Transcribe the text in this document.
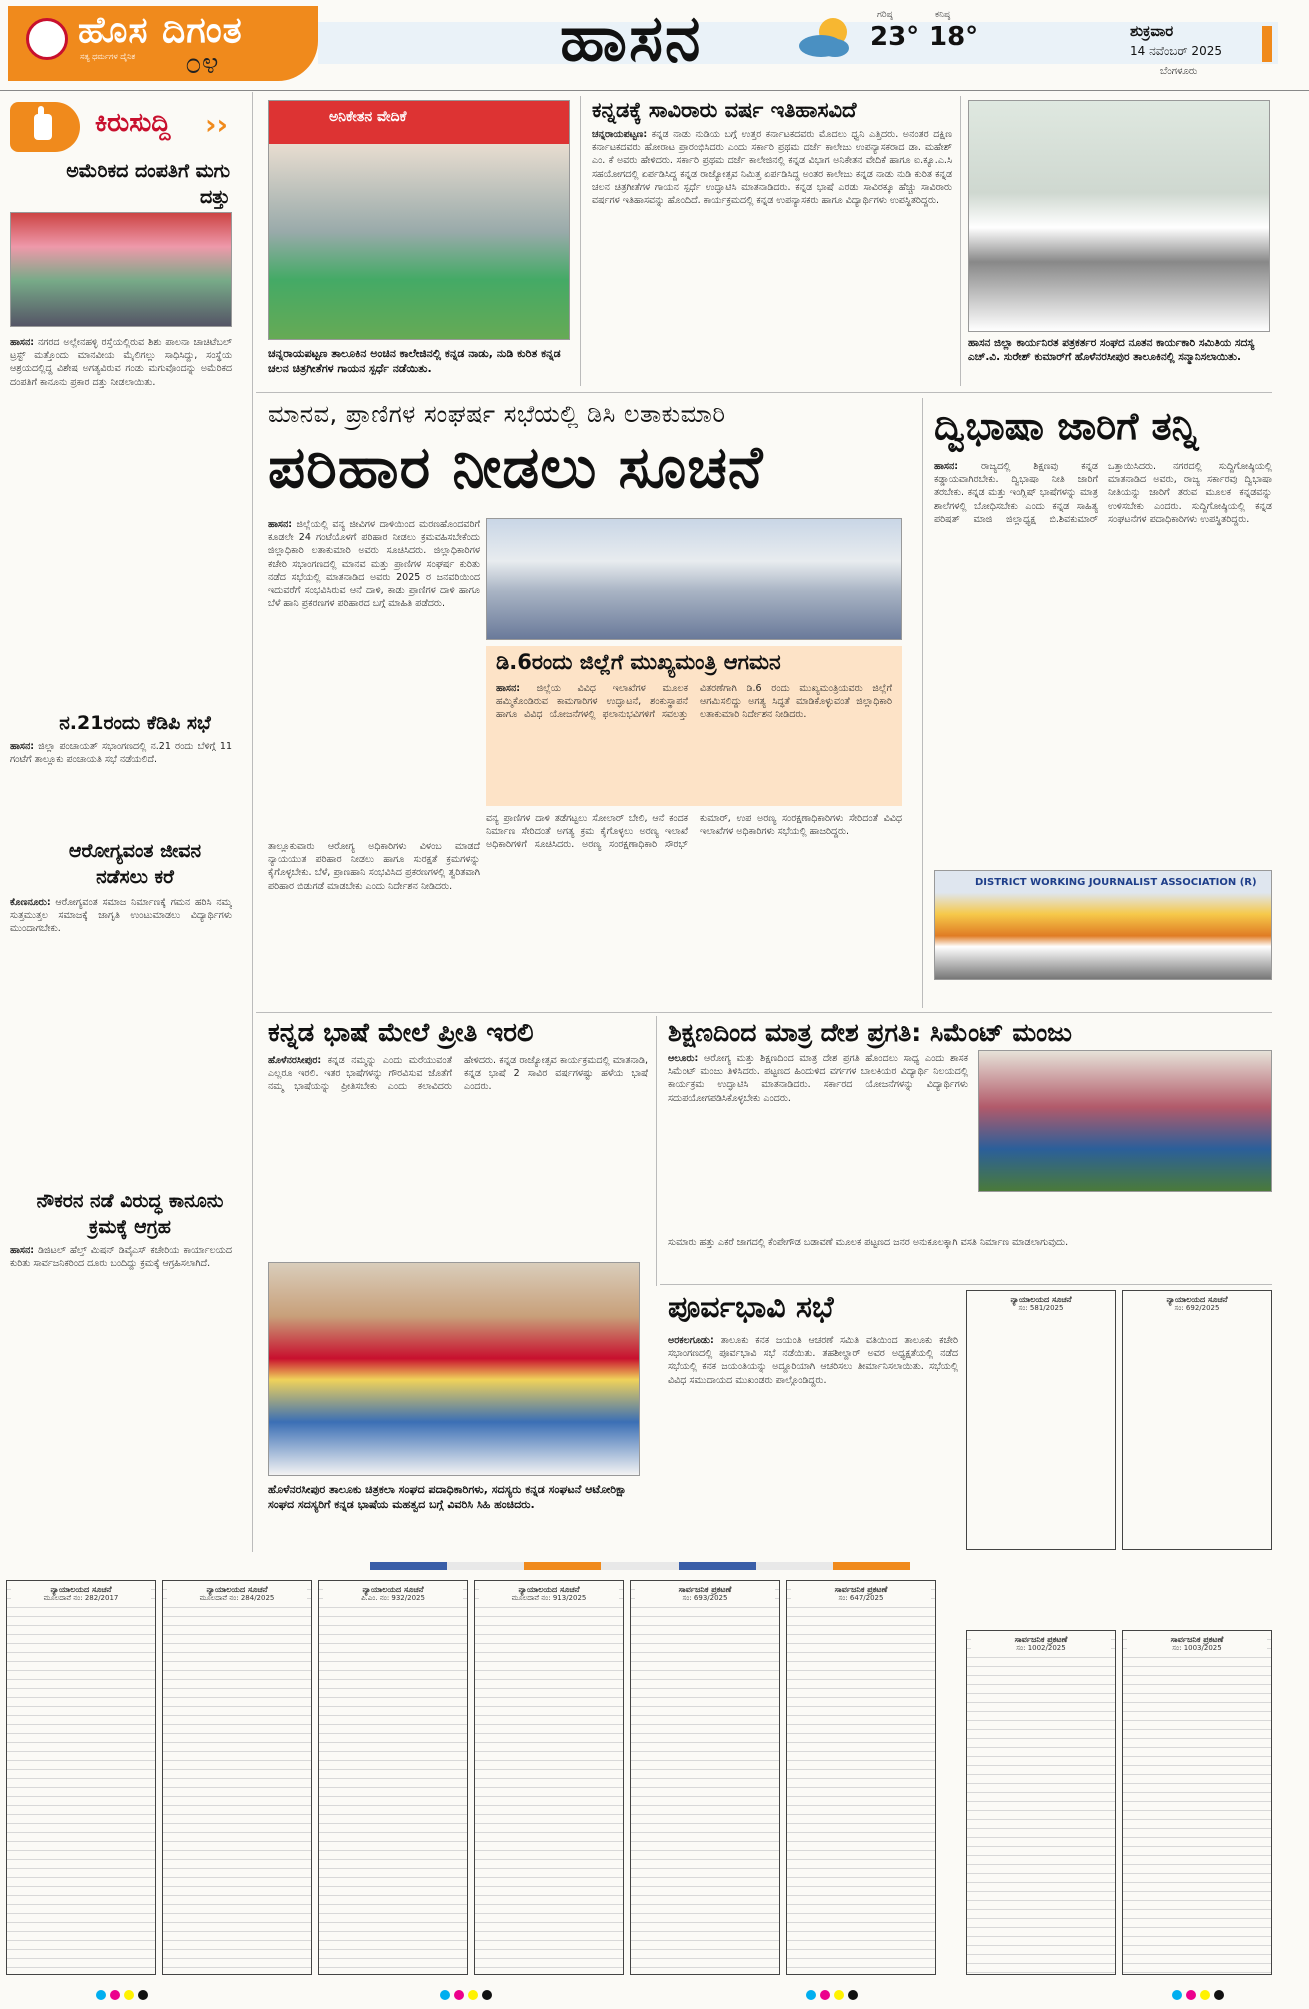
ಹೊಸ ದಿಗಂತ
ಸತ್ಯ ಧರ್ಮಗಳ ದೈನಿಕ ೦೪	ಹಾಸನ	ಗರಿಷ್ಠ
23°
ಕನಿಷ್ಠ
18°	ಶುಕ್ರವಾರ
14 ನವೆಂಬರ್ 2025
ಬೆಂಗಳೂರು
ಕಿರುಸುದ್ದಿ ››
ಅಮೆರಿಕದ ದಂಪತಿಗೆ ಮಗು ದತ್ತು
ಹಾಸನ: ನಗರದ ಅಲ್ಲೇನಹಳ್ಳಿ ರಸ್ತೆಯಲ್ಲಿರುವ ಶಿಶು ಪಾಲನಾ ಚಾಚಿಟೆಬಲ್ ಟ್ರಸ್ಟ್ ಮತ್ತೊಂದು ಮಾನವೀಯ ಮೈಲಿಗಲ್ಲು ಸಾಧಿಸಿದ್ದು, ಸಂಸ್ಥೆಯ ಆಶ್ರಯದಲ್ಲಿದ್ದ ವಿಶೇಷ ಅಗತ್ಯವಿರುವ ಗಂಡು ಮಗುವೊಂದನ್ನು ಅಮೆರಿಕದ ದಂಪತಿಗೆ ಕಾನೂನು ಪ್ರಕಾರ ದತ್ತು ನೀಡಲಾಯಿತು.
ನ.21ರಂದು ಕೆಡಿಪಿ ಸಭೆ
ಹಾಸನ: ಜಿಲ್ಲಾ ಪಂಚಾಯತ್ ಸಭಾಂಗಣದಲ್ಲಿ ನ.21 ರಂದು ಬೆಳಿಗ್ಗೆ 11 ಗಂಟೆಗೆ ತಾಲ್ಲೂಕು ಪಂಚಾಯತಿ ಸಭೆ ನಡೆಯಲಿದೆ.
ಆರೋಗ್ಯವಂತ ಜೀವನ ನಡೆಸಲು ಕರೆ
ಕೊಣನೂರು: ಆರೋಗ್ಯವಂತ ಸಮಾಜ ನಿರ್ಮಾಣಕ್ಕೆ ಗಮನ ಹರಿಸಿ ನಮ್ಮ ಸುತ್ತಮುತ್ತಲ ಸಮಾಜಕ್ಕೆ ಜಾಗೃತಿ ಉಂಟುಮಾಡಲು ವಿದ್ಯಾರ್ಥಿಗಳು ಮುಂದಾಗಬೇಕು.
ನೌಕರನ ನಡೆ ವಿರುದ್ಧ ಕಾನೂನು ಕ್ರಮಕ್ಕೆ ಆಗ್ರಹ
ಹಾಸನ: ಡಿಜಿಟಲ್ ಹೆಲ್ತ್ ಮಿಷನ್ ಡಿವೈಎಸ್ ಕಚೇರಿಯ ಕಾರ್ಯಾಲಯದ ಕುರಿತು ಸಾರ್ವಜನಿಕರಿಂದ ದೂರು ಬಂದಿದ್ದು ಕ್ರಮಕ್ಕೆ ಆಗ್ರಹಿಸಲಾಗಿದೆ.
ಅನಿಕೇತನ ವೇದಿಕೆ
ಚನ್ನರಾಯಪಟ್ಟಣ ತಾಲೂಕಿನ ಅಂಚಿನ ಕಾಲೇಜಿನಲ್ಲಿ ಕನ್ನಡ ನಾಡು, ನುಡಿ ಕುರಿತ ಕನ್ನಡ ಚಲನ ಚಿತ್ರಗೀತೆಗಳ ಗಾಯನ ಸ್ಪರ್ಧೆ ನಡೆಯಿತು.
ಕನ್ನಡಕ್ಕೆ ಸಾವಿರಾರು ವರ್ಷ ಇತಿಹಾಸವಿದೆ
ಚನ್ನರಾಯಪಟ್ಟಣ: ಕನ್ನಡ ನಾಡು ನುಡಿಯ ಬಗ್ಗೆ ಉತ್ತರ ಕರ್ನಾಟಕದವರು ಮೊದಲು ಧ್ವನಿ ಎತ್ತಿದರು. ಅನಂತರ ದಕ್ಷಿಣ ಕರ್ನಾಟಕದವರು ಹೋರಾಟ ಪ್ರಾರಂಭಿಸಿದರು ಎಂದು ಸರ್ಕಾರಿ ಪ್ರಥಮ ದರ್ಜೆ ಕಾಲೇಜು ಉಪನ್ಯಾಸಕರಾದ ಡಾ. ಮಹೇಶ್ ಎಂ. ಕೆ ಅವರು ಹೇಳಿದರು. ಸರ್ಕಾರಿ ಪ್ರಥಮ ದರ್ಜೆ ಕಾಲೇಜಿನಲ್ಲಿ ಕನ್ನಡ ವಿಭಾಗ ಅನಿಕೇತನ ವೇದಿಕೆ ಹಾಗೂ ಐ.ಕ್ಯೂ.ಎ.ಸಿ ಸಹಯೋಗದಲ್ಲಿ ಏರ್ಪಡಿಸಿದ್ದ ಕನ್ನಡ ರಾಜ್ಯೋತ್ಸವ ನಿಮಿತ್ತ ಏರ್ಪಡಿಸಿದ್ದ ಅಂತರ ಕಾಲೇಜು ಕನ್ನಡ ನಾಡು ನುಡಿ ಕುರಿತ ಕನ್ನಡ ಚಲನ ಚಿತ್ರಗೀತೆಗಳ ಗಾಯನ ಸ್ಪರ್ಧೆ ಉದ್ಘಾಟಿಸಿ ಮಾತನಾಡಿದರು. ಕನ್ನಡ ಭಾಷೆ ಎರಡು ಸಾವಿರಕ್ಕೂ ಹೆಚ್ಚು ಸಾವಿರಾರು ವರ್ಷಗಳ ಇತಿಹಾಸವನ್ನು ಹೊಂದಿದೆ. ಕಾರ್ಯಕ್ರಮದಲ್ಲಿ ಕನ್ನಡ ಉಪನ್ಯಾಸಕರು ಹಾಗೂ ವಿದ್ಯಾರ್ಥಿಗಳು ಉಪಸ್ಥಿತರಿದ್ದರು.
ಹಾಸನ ಜಿಲ್ಲಾ ಕಾರ್ಯನಿರತ ಪತ್ರಕರ್ತರ ಸಂಘದ ನೂತನ ಕಾರ್ಯಕಾರಿ ಸಮಿತಿಯ ಸದಸ್ಯ ಎಚ್.ವಿ. ಸುರೇಶ್ ಕುಮಾರ್‌ಗೆ ಹೊಳೆನರಸೀಪುರ ತಾಲೂಕಿನಲ್ಲಿ ಸನ್ಮಾನಿಸಲಾಯಿತು.
ಮಾನವ, ಪ್ರಾಣಿಗಳ ಸಂಘರ್ಷ ಸಭೆಯಲ್ಲಿ ಡಿಸಿ ಲತಾಕುಮಾರಿ
ಪರಿಹಾರ ನೀಡಲು ಸೂಚನೆ
ಹಾಸನ: ಜಿಲ್ಲೆಯಲ್ಲಿ ವನ್ಯ ಜೀವಿಗಳ ದಾಳಿಯಿಂದ ಮರಣಹೊಂದವರಿಗೆ ಕೂಡಲೇ 24 ಗಂಟೆಯೊಳಗೆ ಪರಿಹಾರ ನೀಡಲು ಕ್ರಮವಹಿಸಬೇಕೆಂದು ಜಿಲ್ಲಾಧಿಕಾರಿ ಲತಾಕುಮಾರಿ ಅವರು ಸೂಚಿಸಿದರು. ಜಿಲ್ಲಾಧಿಕಾರಿಗಳ ಕಚೇರಿ ಸಭಾಂಗಣದಲ್ಲಿ ಮಾನವ ಮತ್ತು ಪ್ರಾಣಿಗಳ ಸಂಘರ್ಷ ಕುರಿತು ನಡೆದ ಸಭೆಯಲ್ಲಿ ಮಾತನಾಡಿದ ಅವರು 2025 ರ ಜನವರಿಯಿಂದ ಇದುವರೆಗೆ ಸಂಭವಿಸಿರುವ ಆನೆ ದಾಳಿ, ಕಾಡು ಪ್ರಾಣಿಗಳ ದಾಳಿ ಹಾಗೂ ಬೆಳೆ ಹಾನಿ ಪ್ರಕರಣಗಳ ಪರಿಹಾರದ ಬಗ್ಗೆ ಮಾಹಿತಿ ಪಡೆದರು.
ತಾಲ್ಲೂಕುವಾರು ಆರೋಗ್ಯ ಅಧಿಕಾರಿಗಳು ವಿಳಂಬ ಮಾಡದೆ ನ್ಯಾಯಯುತ ಪರಿಹಾರ ನೀಡಲು ಹಾಗೂ ಸುರಕ್ಷತೆ ಕ್ರಮಗಳನ್ನು ಕೈಗೊಳ್ಳಬೇಕು. ಬೆಳೆ, ಪ್ರಾಣಹಾನಿ ಸಂಭವಿಸಿದ ಪ್ರಕರಣಗಳಲ್ಲಿ ತ್ವರಿತವಾಗಿ ಪರಿಹಾರ ಬಿಡುಗಡೆ ಮಾಡಬೇಕು ಎಂದು ನಿರ್ದೇಶನ ನೀಡಿದರು.
ಡಿ.6ರಂದು ಜಿಲ್ಲೆಗೆ ಮುಖ್ಯಮಂತ್ರಿ ಆಗಮನ
ಹಾಸನ: ಜಿಲ್ಲೆಯ ವಿವಿಧ ಇಲಾಖೆಗಳ ಮೂಲಕ ಹಮ್ಮಿಕೊಂಡಿರುವ ಕಾಮಗಾರಿಗಳ ಉದ್ಘಾಟನೆ, ಶಂಕುಸ್ಥಾಪನೆ ಹಾಗೂ ವಿವಿಧ ಯೋಜನೆಗಳಲ್ಲಿ ಫಲಾನುಭವಿಗಳಿಗೆ ಸವಲತ್ತು ವಿತರಣೆಗಾಗಿ ಡಿ.6 ರಂದು ಮುಖ್ಯಮಂತ್ರಿಯವರು ಜಿಲ್ಲೆಗೆ ಆಗಮಿಸಲಿದ್ದು ಅಗತ್ಯ ಸಿದ್ಧತೆ ಮಾಡಿಕೊಳ್ಳುವಂತೆ ಜಿಲ್ಲಾಧಿಕಾರಿ ಲತಾಕುಮಾರಿ ನಿರ್ದೇಶನ ನೀಡಿದರು.
ವನ್ಯ ಪ್ರಾಣಿಗಳ ದಾಳಿ ತಡೆಗಟ್ಟಲು ಸೋಲಾರ್ ಬೇಲಿ, ಆನೆ ಕಂದಕ ನಿರ್ಮಾಣ ಸೇರಿದಂತೆ ಅಗತ್ಯ ಕ್ರಮ ಕೈಗೊಳ್ಳಲು ಅರಣ್ಯ ಇಲಾಖೆ ಅಧಿಕಾರಿಗಳಿಗೆ ಸೂಚಿಸಿದರು. ಅರಣ್ಯ ಸಂರಕ್ಷಣಾಧಿಕಾರಿ ಸೌರಭ್ ಕುಮಾರ್, ಉಪ ಅರಣ್ಯ ಸಂರಕ್ಷಣಾಧಿಕಾರಿಗಳು ಸೇರಿದಂತೆ ವಿವಿಧ ಇಲಾಖೆಗಳ ಅಧಿಕಾರಿಗಳು ಸಭೆಯಲ್ಲಿ ಹಾಜರಿದ್ದರು.
ದ್ವಿಭಾಷಾ ಜಾರಿಗೆ ತನ್ನಿ
ಹಾಸನ: ರಾಜ್ಯದಲ್ಲಿ ಶಿಕ್ಷಣವು ಕನ್ನಡ ಕಡ್ಡಾಯವಾಗಿರಬೇಕು. ದ್ವಿಭಾಷಾ ನೀತಿ ಜಾರಿಗೆ ತರಬೇಕು. ಕನ್ನಡ ಮತ್ತು ಇಂಗ್ಲಿಷ್ ಭಾಷೆಗಳನ್ನು ಮಾತ್ರ ಶಾಲೆಗಳಲ್ಲಿ ಬೋಧಿಸಬೇಕು ಎಂದು ಕನ್ನಡ ಸಾಹಿತ್ಯ ಪರಿಷತ್ ಮಾಜಿ ಜಿಲ್ಲಾಧ್ಯಕ್ಷ ಬಿ.ಶಿವಕುಮಾರ್ ಒತ್ತಾಯಿಸಿದರು. ನಗರದಲ್ಲಿ ಸುದ್ದಿಗೋಷ್ಠಿಯಲ್ಲಿ ಮಾತನಾಡಿದ ಅವರು, ರಾಜ್ಯ ಸರ್ಕಾರವು ದ್ವಿಭಾಷಾ ನೀತಿಯನ್ನು ಜಾರಿಗೆ ತರುವ ಮೂಲಕ ಕನ್ನಡವನ್ನು ಉಳಿಸಬೇಕು ಎಂದರು. ಸುದ್ದಿಗೋಷ್ಠಿಯಲ್ಲಿ ಕನ್ನಡ ಸಂಘಟನೆಗಳ ಪದಾಧಿಕಾರಿಗಳು ಉಪಸ್ಥಿತರಿದ್ದರು.
DISTRICT WORKING JOURNALIST ASSOCIATION (R)
ಕನ್ನಡ ಭಾಷೆ ಮೇಲೆ ಪ್ರೀತಿ ಇರಲಿ
ಹೊಳೆನರಸೀಪುರ: ಕನ್ನಡ ನಮ್ಮನ್ನು ಎಂದು ಮರೆಯುವಂತೆ ಎಲ್ಲರೂ ಇರಲಿ. ಇತರ ಭಾಷೆಗಳನ್ನು ಗೌರವಿಸುವ ಜೊತೆಗೆ ನಮ್ಮ ಭಾಷೆಯನ್ನು ಪ್ರೀತಿಸಬೇಕು ಎಂದು ಕಲಾವಿದರು ಹೇಳಿದರು. ಕನ್ನಡ ರಾಜ್ಯೋತ್ಸವ ಕಾರ್ಯಕ್ರಮದಲ್ಲಿ ಮಾತನಾಡಿ, ಕನ್ನಡ ಭಾಷೆ 2 ಸಾವಿರ ವರ್ಷಗಳಷ್ಟು ಹಳೆಯ ಭಾಷೆ ಎಂದರು.
ಹೊಳೆನರಸೀಪುರ ತಾಲೂಕು ಚಿತ್ರಕಲಾ ಸಂಘದ ಪದಾಧಿಕಾರಿಗಳು, ಸದಸ್ಯರು ಕನ್ನಡ ಸಂಘಟನೆ ಆಟೋರಿಕ್ಷಾ ಸಂಘದ ಸದಸ್ಯರಿಗೆ ಕನ್ನಡ ಭಾಷೆಯ ಮಹತ್ವದ ಬಗ್ಗೆ ವಿವರಿಸಿ ಸಿಹಿ ಹಂಚಿದರು.
ಶಿಕ್ಷಣದಿಂದ ಮಾತ್ರ ದೇಶ ಪ್ರಗತಿ: ಸಿಮೆಂಟ್ ಮಂಜು
ಆಲೂರು: ಆರೋಗ್ಯ ಮತ್ತು ಶಿಕ್ಷಣದಿಂದ ಮಾತ್ರ ದೇಶ ಪ್ರಗತಿ ಹೊಂದಲು ಸಾಧ್ಯ ಎಂದು ಶಾಸಕ ಸಿಮೆಂಟ್ ಮಂಜು ತಿಳಿಸಿದರು. ಪಟ್ಟಣದ ಹಿಂದುಳಿದ ವರ್ಗಗಳ ಬಾಲಕಿಯರ ವಿದ್ಯಾರ್ಥಿ ನಿಲಯದಲ್ಲಿ ಕಾರ್ಯಕ್ರಮ ಉದ್ಘಾಟಿಸಿ ಮಾತನಾಡಿದರು. ಸರ್ಕಾರದ ಯೋಜನೆಗಳನ್ನು ವಿದ್ಯಾರ್ಥಿಗಳು ಸದುಪಯೋಗಪಡಿಸಿಕೊಳ್ಳಬೇಕು ಎಂದರು.
ಸುಮಾರು ಹತ್ತು ಎಕರೆ ಜಾಗದಲ್ಲಿ ಕೆಂಪೇಗೌಡ ಬಡಾವಣೆ ಮೂಲಕ ಪಟ್ಟಣದ ಜನರ ಅನುಕೂಲಕ್ಕಾಗಿ ವಸತಿ ನಿರ್ಮಾಣ ಮಾಡಲಾಗುವುದು.
ಪೂರ್ವಭಾವಿ ಸಭೆ
ಅರಕಲಗೂಡು: ತಾಲೂಕು ಕನಕ ಜಯಂತಿ ಆಚರಣೆ ಸಮಿತಿ ವತಿಯಿಂದ ತಾಲೂಕು ಕಚೇರಿ ಸಭಾಂಗಣದಲ್ಲಿ ಪೂರ್ವಭಾವಿ ಸಭೆ ನಡೆಯಿತು. ತಹಶೀಲ್ದಾರ್ ಅವರ ಅಧ್ಯಕ್ಷತೆಯಲ್ಲಿ ನಡೆದ ಸಭೆಯಲ್ಲಿ ಕನಕ ಜಯಂತಿಯನ್ನು ಅದ್ದೂರಿಯಾಗಿ ಆಚರಿಸಲು ತೀರ್ಮಾನಿಸಲಾಯಿತು. ಸಭೆಯಲ್ಲಿ ವಿವಿಧ ಸಮುದಾಯದ ಮುಖಂಡರು ಪಾಲ್ಗೊಂಡಿದ್ದರು.
ನ್ಯಾಯಾಲಯದ ಸೂಚನೆ
ಸಂ: 581/2025
ನ್ಯಾಯಾಲಯದ ಸೂಚನೆ
ಸಂ: 692/2025
ನ್ಯಾಯಾಲಯದ ಸೂಚನೆ
ಮೂಲದಾವೆ ನಂ: 282/2017
ನ್ಯಾಯಾಲಯದ ಸೂಚನೆ
ಮೂಲದಾವೆ ನಂ: 284/2025
ನ್ಯಾಯಾಲಯದ ಸೂಚನೆ
ಪಿ.ಎಂ. ನಂ: 932/2025
ನ್ಯಾಯಾಲಯದ ಸೂಚನೆ
ಮೂಲದಾವೆ ನಂ: 913/2025
ಸಾರ್ವಜನಿಕ ಪ್ರಕಟಣೆ
ಸಂ: 693/2025
ಸಾರ್ವಜನಿಕ ಪ್ರಕಟಣೆ
ಸಂ: 647/2025
ಸಾರ್ವಜನಿಕ ಪ್ರಕಟಣೆ
ಸಂ: 1002/2025
ಸಾರ್ವಜನಿಕ ಪ್ರಕಟಣೆ
ಸಂ: 1003/2025
